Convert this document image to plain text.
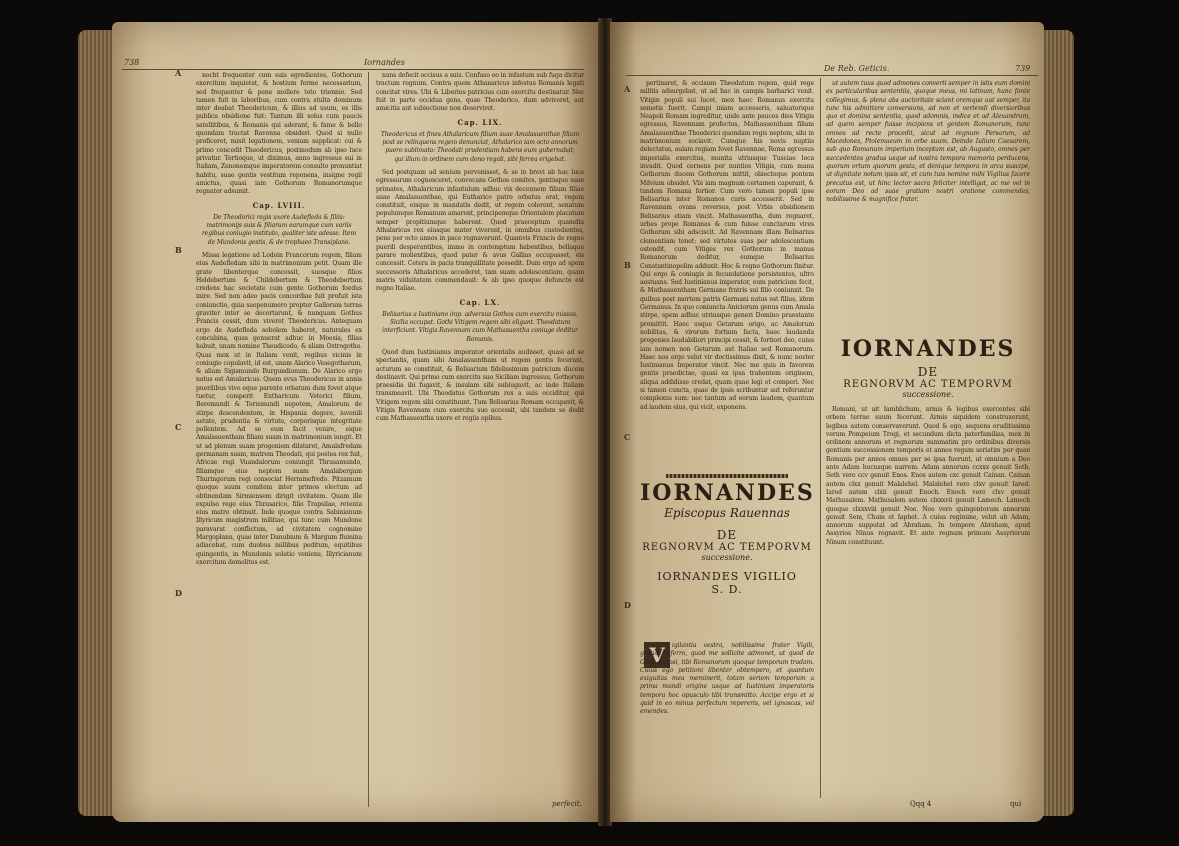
738	Iornandes
A
B
C
D

nocht frequenter cum suis egredientes, Gothorum exercitum inquietat, & hostium ferme necessarium, sed frequenter & pene mollere toto triennio. Sed tamen fuit in laboribus, cum contra stulta dominum inter deabat Theodericum, & illius ad usum, es illis publica obsidione fuit: Tantum illi solus cum paucis satellitibus, & Romanis qui aderant, & fame & bello quondam tractat Ravenna obsideri. Quod si nullo proficeret, misit legationem, veniam supplicat: cui & primo concedit Theodericus, postmodum ab ipso luce privatur. Tertioque, ut diximus, anno ingressus sui in Italiam, Zenonemque imperatorem consulto pronuntiat habitu, suae gentis vestitum reponens, insigne regii amictus, quasi iam Gothorum Romanorumque regnator adsumit.

Cap. LVIII.
De Theodorici regis uxore Audefleda & filiis: matrimonijs suis & filiarum earumque cum variis regibus coniugio instituto, qualiter iste adesse. Item de Mundonis gestis, & de trophaeo Transiplano.

Missa legatione ad Lodoin Francorum regem, filiam eius Audefledam sibi in matrimonium petit. Quam ille grate libenterque concessit, suosque filios Heldebertum & Childebertum & Theodebertum credens hac societate cum gente Gothorum foedus inire. Sed non adeo pacis concordiae fuit profuit ista coniunctio, quia saepenumero propter Gallorum terras graviter inter se decertarunt, & nunquam Gothus Francis cessit, dum viveret Theodericus. Antequam ergo de Audefleda sobolem haberet, naturales ex concubina, quas genuerat adhuc in Moesia, filias habuit, unam nomine Theudicodo, & aliam Ostrogotho. Quas mox ut in Italiam venit, regibus vicinis in coniugio copulavit, id est, unam Alarico Vesegotharum, & aliam Sigismundo Burgundionum. De Alarico ergo natus est Amalaricus. Quem avus Theodericus in annis puerilibus vivo eque parente orbatum dum fovet atque tuetur, comperit Eutharicum Veterici filium, Beremundi & Torismundi nepotem, Amalorum de stirpe descendentem, in Hispania degere, iuvenili aetate, prudentia & virtute, corporisque integritate pollentem. Ad se eum facit venire, eique Amalasuentham filiam suam in matrimonium iungit. Et ut ad plenum suam progeniem dilataret, Amalafredam germanam suam, matrem Theodati, qui postea rex fuit, Africae regi Vuandalorum coniungit Thrasamundo, filiamque eius neptem suam Amalabergam Thuringorum regi consociat Herminefredo. Pitzamum quoque suum comitem inter primos electum ad obtinendam Sirmiensem dirigit civitatem. Quam ille expulso rege eius Thrasarico, filio Trapsilae, retenta eius matre obtinuit. Inde quoque contra Sabinianum Illyricum magistrum militiae, qui tunc cum Mundone paravarat conflictum, ad civitatem cognomine Margoplanu, quae inter Danubium & Margum flumina adiacebat, cum duobus millibus peditum, equitibus quingentis, in Mundonis solatio veniens, Illyricianum exercitum demolitus est.

nans defecit occisus a suis. Confuso eo in infastum sub fuga dicitur tractum regnum. Contra quem Athanaricus infestus Romanis legati concitat vires. Ubi & Liberius patricius cum exercitu destinatur. Nec fuit in parte occidua gens, quae Theoderico, dum adviveret, aut amicitia aut subiectione non deserviret.

Cap. LIX.
Theodericus et fines Athalaricum filium suae Amalasuenthae filium post se relinquens regem denunciat, Athalarico iam octo annorum puero sublimato: Theodati prudentiam habens eum gubernabat; qui illum in ordinem cum dono regali, sibi ferrea erigebat.

Sed postquam ad senium pervenisset, & se in brevi ab hac luce egressurum cognosceret, convocans Gothos comites, gentisque suae primates, Athalaricum infantulum adhuc vix decennem filium filiae suae Amalasuenthae, qui Eutharico patre orbatus erat, regem constituit, eisque in mandatis dedit, ut regem colerent, senatum populumque Romanum amarent, principemque Orientalem placatum semper propitiumque haberent. Quod praeceptum quamdiu Athalaricus rex eiusque mater viverent, in omnibus custodientes, pene per octo annos in pace regnaverunt. Quamvis Francis de regno puerili desperantibus, immo in contemptum habentibus, bellaque parare molientibus, quod pater & avus Gallias occupasset, eis concessit. Cetera in pacis tranquillitate possedit. Dum ergo ad spem successoris Athalaricus accederet, tam suam adolescentiam, quam matris viduitatem commendauit: & ab ipso quoque defuncto est regno Italiae.

Cap. LX.
Belisarius a Iustiniano imp. adversus Gothos cum exercitu missus. Sicilia occupat. Gothi Vitigem regem sibi eligunt. Theodatum interficiunt. Vitigis Ravennam cum Mathasuentha coniuge deditur Romanis.

Quod dum Iustinianus imperator orientalis audisset, quasi ad se spectantis, quam sibi Amalasuentham ut regem gentis fecerant, acturum se constituit, & Belisarium fidelissimum patricium ducem destinavit. Qui primo cum exercitu suo Siciliam ingressus, Gothorum praesidia ibi fugavit, & insulam sibi subiugavit, ac inde Italiam transmeavit. Ubi Theodatus Gothorum rex a suis occiditur, qui Vitigem regem sibi constituunt. Tum Belisarius Romam occupavit, & Vitigis Ravennam cum exercitu suo accessit, ubi tandem se dedit cum Mathasuentha uxore et regiis opibus.

perfecit.
De Reb. Geticis.	739
A
B
C
D

pertinaret, & occisum Theodatum regem, quid rege militis adsurgebat, ut ad hac in campis barbarici venit. Vitigin populi sui lucet, mox haec Romanus exercitu semetis fuerit. Campi iniam accesseris, saluatorique Neapoli Romam ingreditur, unde ante paucos dies Vitigis egressus, Ravennam profectus, Mathasuentham filiam Amalasuenthae Theoderici quondam regis neptem, sibi in matrimonium sociavit. Cumque his novis nuptiis delectatus, aulam regiam fovet Ravennae, Roma egressus imperialis exercitus, munita utriusque Tusciae loca invadit. Quod cernens per nuntios Vitigis, cum manu Gothorum ducem Gothorum mittit, obiectoque pontem Milvium obsidet. Vbi iam magnum certamen caperant, & tandem Romana fortior. Cum vero tamen populi ipse Belisarius inter Romanos curis accesserit. Sed in Ravennam ovans reversus, post Vrbis obsidionem Belisarius etiam vincit. Mathasuentha, dum regnaret, urbes prope Romanas & cum fuisse cunctarum vires Gothorum sibi adsciscit. Ad Ravennam illam Belisarius clementiam tenet; sed virtutes suas per adolescentiam ostendit, cum Vitiges rex Gothorum in manus Romanorum deditur, eumque Belisarius Constantinopolim adduxit. Hoc & regno Gothorum finitur. Qui ergo & coniugis in fecundatione persistentes, ultro aestuans. Sed Iustinianus imperator, eum patricium fecit, & Mathasuentham Germano fratris sui filio coniunxit. De quibus post mortem patris Germani natus est filius, idem Germanus. In quo coniuncta Aniciorum genus cum Amala stirpe, spem adhuc utriusque generi Domino praestante promittit. Haec usque Getarum origo, ac Amalorum nobilitas, & virorum fortium facta, haec laudanda progenies laudabiliori principi cessit, & fortiori deo, cuius iam nomen non Getarum aut Italiae sed Romanorum. Haec nos ergo velut vir doctissimus dixit, & nunc noster Iustinianus Imperator vincit. Nec me quis in favorem gentis praedictae, quasi ex ipsa trahentem originem, aliqua addidisse credat, quam quae legi et comperi. Nec si tamen cuncta, quae de ipsis scribuntur aut referuntur complexus sum: nec tantum ad eorum laudem, quantum ad laudem eius, qui vicit, exponens.

IORNANDES
Episcopus Rauennas
DE
REGNORVM AC TEMPORVM
successione.
IORNANDES VIGILIO
S. D.
V	igilantia vestra, nobilissime frater Vigili, gratias referro, quod me sollicite admonet, ut quod de Getis scripsi, tibi Romanorum quoque temporum tradam. Cuius ego petitioni libenter obtempero, et quantum exiguitas mea meminerit, totam seriem temporum a prima mundi origine usque ad Iustiniani imperatoris tempora hoc opusculo tibi transmitto. Accipe ergo et si quid in eo minus perfectum repereris, vel ignoscas, vel emendes.

ut autem tuus quod admones converti semper in istis eum domini ex particularibus sententiis, quoque meus, mi latinum, hunc fonte collegimus, & plena abs auctoritate sciant oremque aut semper, ita tunc his admittere conversions, ad non et vertendi diversioribus quo et domina sententia, quod adomnis, indice et ad Alexandrum, ad quem semper fuisse incipiens et gentem Romanorum, tunc omnes ad recte procedit, sicut ad regnum Persarum, ad Macedones, Ptolemaeum in orbe suum. Deinde Iulium Caesarem, sub quo Romanum imperium inceptum est, ab Augusto, omnes per succedentes gradus usque ad nostra tempora memoria perducens, quorum ortum quorum gesta, et denique tempora in arca suscipe, ut dignitate notum ipsis sit, et cum tuis nomine mihi Vigilius facere precatus est, ut hinc lector sacra feliciter intelligat, ac me vel in eorum Deo ad suae gratiam nostri oratione commendes, nobilissime & magnifice frater.

IORNANDES
DE
REGNORVM AC TEMPORVM
successione.

Romani, ut ait Iamblichum, armis & legibus exercentes sibi orbem terrae suum fecerunt. Armis siquidem construxerunt, legibus autem conservaverunt. Quod & ego, sequens eruditissima verum Pompeium Trogi, et secundum dicta paterfamilias, mox in ordinem annorum et regnorum summatim pro ordinibus diversis gentium successionem temporis et annos regum seriatim per quae Romanis per annos omnes per se ipsa fuerunt, ut omnium a Deo ante Adam hucusque narrem. Adam annorum ccxxx genuit Seth. Seth vero ccv genuit Enos. Enos autem cxc genuit Cainan. Cainan autem clxx genuit Malalehel. Malalehel vero clxv genuit Iared. Iared autem clxii genuit Enoch. Enoch vero clxv genuit Mathusalem. Mathusalem autem clxxxvii genuit Lamech. Lamech quoque clxxxviii genuit Noe. Noe vero quingentorum annorum genuit Sem, Cham et Iaphet. A cuius regimine, velut ab Adam, annorum supputat ad Abraham. In tempore Abraham, apud Assyrios Ninus regnavit. Et ante regnum primum Assyriorum Ninum constituunt.

Qqq 4	qui
